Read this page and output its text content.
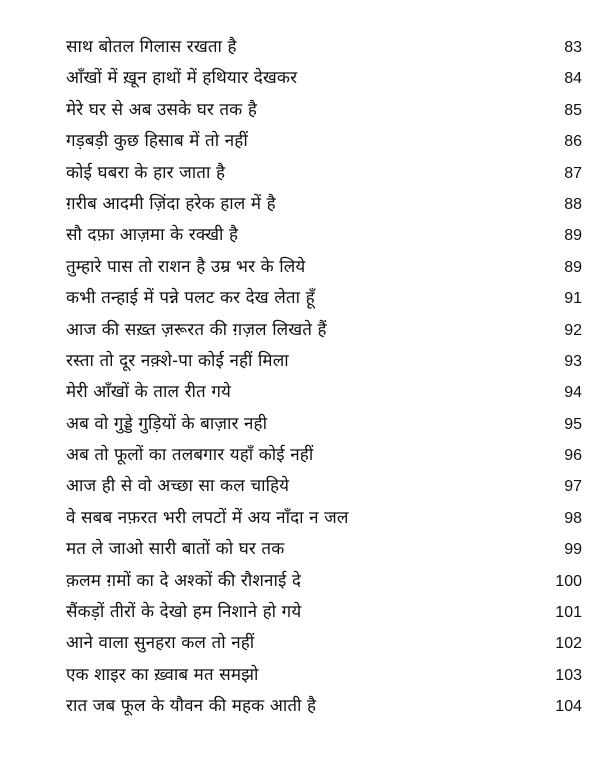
साथ बोतल गिलास रखता है	83
आँखों में ख़ून हाथों में हथियार देखकर	84
मेरे घर से अब उसके घर तक है	85
गड़बड़ी कुछ हिसाब में तो नहीं	86
कोई घबरा के हार जाता है	87
ग़रीब आदमी ज़िंदा हरेक हाल में है	88
सौ दफ़ा आज़मा के रक्खी है	89
तुम्हारे पास तो राशन है उम्र भर के लिये	89
कभी तन्हाई में पन्ने पलट कर देख लेता हूँ	91
आज की सख़्त ज़रूरत की ग़ज़ल लिखते हैं	92
रस्ता तो दूर नक़्शे-पा कोई नहीं मिला	93
मेरी आँखों के ताल रीत गये	94
अब वो गुड्डे गुड़ियों के बाज़ार नही	95
अब तो फूलों का तलबगार यहाँ कोई नहीं	96
आज ही से वो अच्छा सा कल चाहिये	97
वे सबब नफ़रत भरी लपटों में अय नाँदा न जल	98
मत ले जाओ सारी बातों को घर तक	99
क़लम ग़मों का दे अश्कों की रौशनाई दे	100
सैंकड़ों तीरों के देखो हम निशाने हो गये	101
आने वाला सुनहरा कल तो नहीं	102
एक शाइर का ख़्वाब मत समझो	103
रात जब फूल के यौवन की महक आती है	104
